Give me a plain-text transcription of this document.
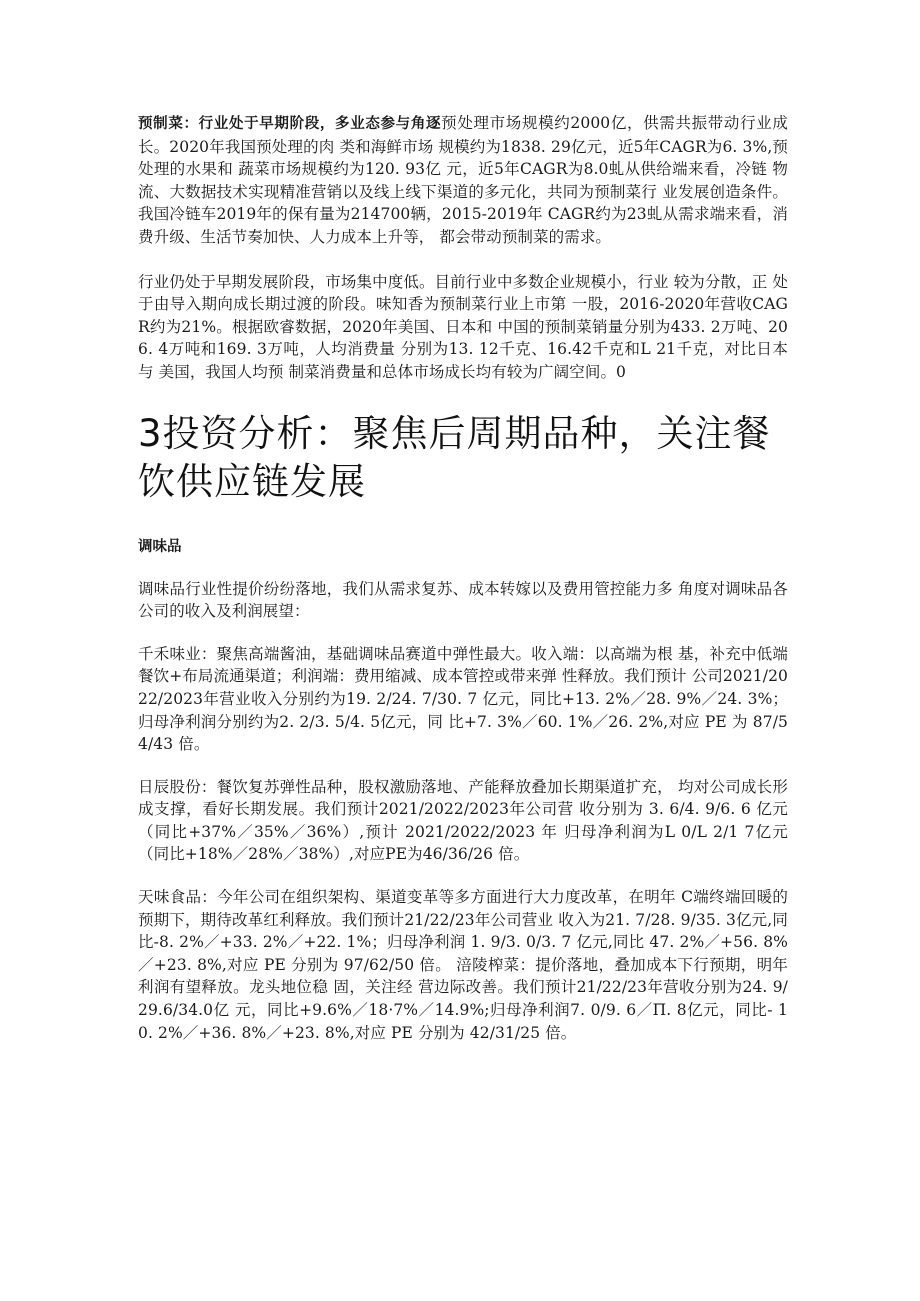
预制菜：行业处于早期阶段，多业态参与角逐预处理市场规模约2000亿，供需共振带动行业成长。2020年我国预处理的肉 类和海鲜市场 规模约为1838. 29亿元，近5年CAGR为6. 3%,预处理的水果和 蔬菜市场规模约为120. 93亿 元，近5年CAGR为8.0虬从供给端来看，冷链 物流、大数据技术实现精准营销以及线上线下渠道的多元化，共同为预制菜行 业发展创造条件。我国冷链车2019年的保有量为214700辆，2015-2019年 CAGR约为23虬从需求端来看，消费升级、生活节奏加快、人力成本上升等， 都会带动预制菜的需求。

行业仍处于早期发展阶段，市场集中度低。目前行业中多数企业规模小，行业 较为分散，正 处于由导入期向成长期过渡的阶段。味知香为预制菜行业上市第 一股，2016-2020年营收CAGR约为21%。根据欧睿数据，2020年美国、日本和 中国的预制菜销量分别为433. 2万吨、206. 4万吨和169. 3万吨，人均消费量 分别为13. 12千克、16.42千克和L 21千克，对比日本与 美国，我国人均预 制菜消费量和总体市场成长均有较为广阔空间。0

3投资分析：聚焦后周期品种，关注餐饮供应链发展
调味品

调味品行业性提价纷纷落地，我们从需求复苏、成本转嫁以及费用管控能力多 角度对调味品各公司的收入及利润展望：

千禾味业：聚焦高端酱油，基础调味品赛道中弹性最大。收入端：以高端为根 基，补充中低端餐饮+布局流通渠道；利润端：费用缩减、成本管控或带来弹 性释放。我们预计 公司2021/2022/2023年营业收入分别约为19. 2/24. 7/30. 7 亿元，同比+13. 2%／28. 9%／24. 3%；归母净利润分别约为2. 2/3. 5/4. 5亿元，同 比+7. 3%／60. 1%／26. 2%,对应 PE 为 87/54/43 倍。

日辰股份：餐饮复苏弹性品种，股权激励落地、产能释放叠加长期渠道扩充， 均对公司成长形成支撑，看好长期发展。我们预计2021/2022/2023年公司营 收分别为 3. 6/4. 9/6. 6 亿元（同比+37%／35%／36%）,预计 2021/2022/2023 年 归母净利润为L 0/L 2/1 7亿元（同比+18%／28%／38%）,对应PE为46/36/26 倍。

天味食品：今年公司在组织架构、渠道变革等多方面进行大力度改革，在明年 C端终端回暖的预期下，期待改革红利释放。我们预计21/22/23年公司营业 收入为21. 7/28. 9/35. 3亿元,同比-8. 2%／+33. 2%／+22. 1%；归母净利润 1. 9/3. 0/3. 7 亿元,同比 47. 2%／+56. 8%／+23. 8%,对应 PE 分别为 97/62/50 倍。 涪陵榨菜：提价落地，叠加成本下行预期，明年利润有望释放。龙头地位稳 固，关注经 营边际改善。我们预计21/22/23年营收分别为24. 9/29.6/34.0亿 元，同比+9.6%／18·7%／14.9%;归母净利润7. 0/9. 6／П. 8亿元，同比- 10. 2%／+36. 8%／+23. 8%,对应 PE 分别为 42/31/25 倍。
